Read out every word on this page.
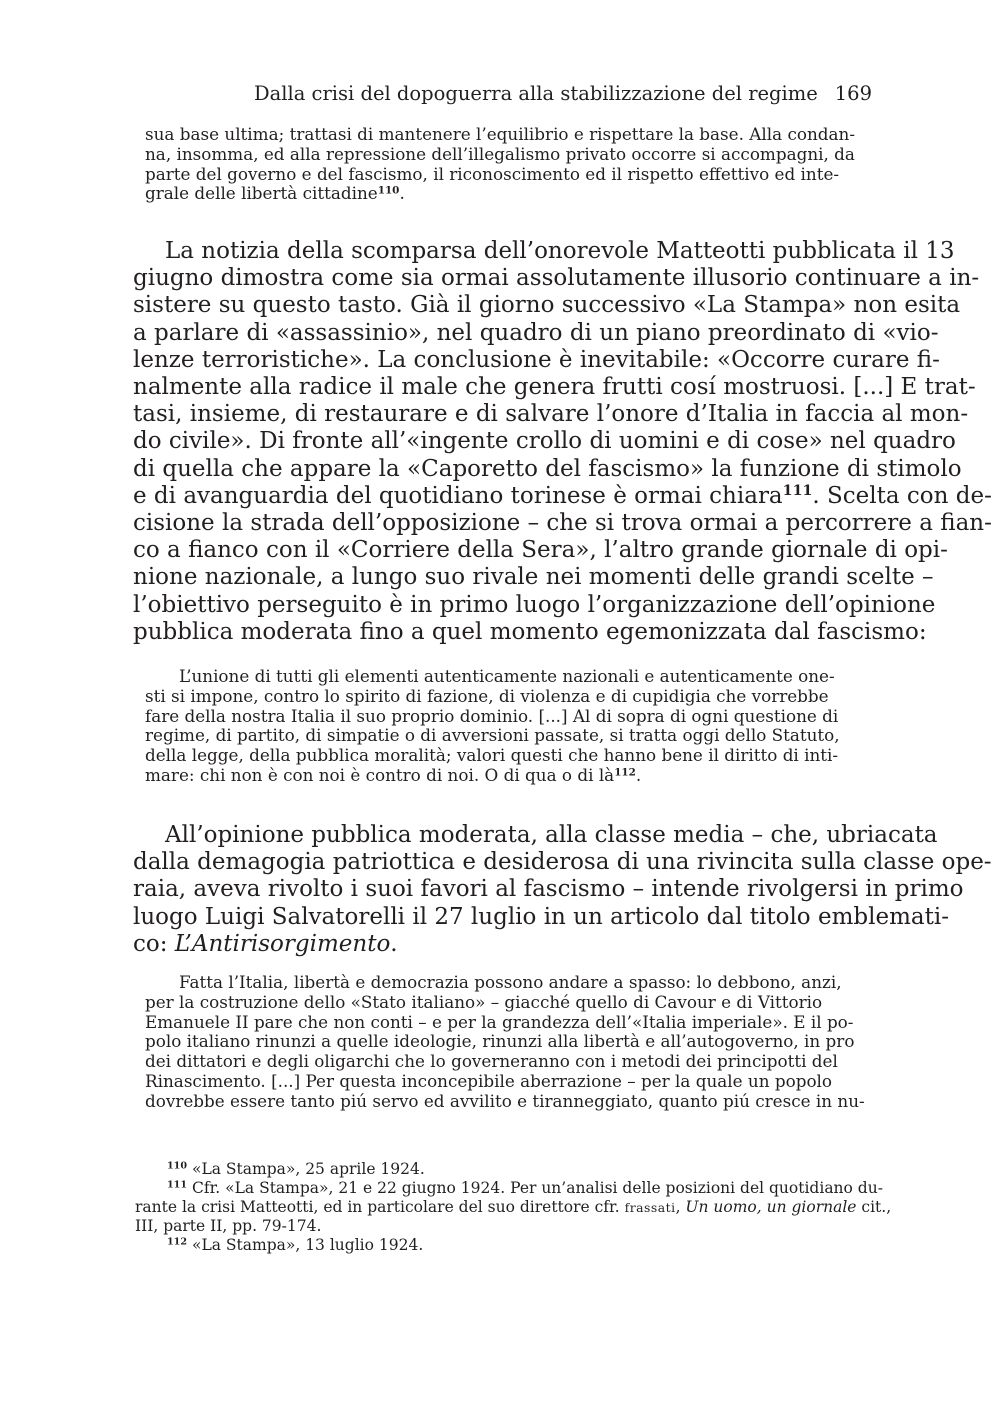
Dalla crisi del dopoguerra alla stabilizzazione del regime 169
sua base ultima; trattasi di mantenere l’equilibrio e rispettare la base. Alla condan-
na, insomma, ed alla repressione dell’illegalismo privato occorre si accompagni, da
parte del governo e del fascismo, il riconoscimento ed il rispetto effettivo ed inte-
grale delle libertà cittadine$^{110}$.
La notizia della scomparsa dell’onorevole Matteotti pubblicata il 13
giugno dimostra come sia ormai assolutamente illusorio continuare a in-
sistere su questo tasto. Già il giorno successivo «La Stampa» non esita
a parlare di «assassinio», nel quadro di un piano preordinato di «vio-
lenze terroristiche». La conclusione è inevitabile: «Occorre curare fi-
nalmente alla radice il male che genera frutti cosí mostruosi. [...] E trat-
tasi, insieme, di restaurare e di salvare l’onore d’Italia in faccia al mon-
do civile». Di fronte all’«ingente crollo di uomini e di cose» nel quadro
di quella che appare la «Caporetto del fascismo» la funzione di stimolo
e di avanguardia del quotidiano torinese è ormai chiara$^{111}$. Scelta con de-
cisione la strada dell’opposizione – che si trova ormai a percorrere a fian-
co a fianco con il «Corriere della Sera», l’altro grande giornale di opi-
nione nazionale, a lungo suo rivale nei momenti delle grandi scelte –
l’obiettivo perseguito è in primo luogo l’organizzazione dell’opinione
pubblica moderata fino a quel momento egemonizzata dal fascismo:
L’unione di tutti gli elementi autenticamente nazionali e autenticamente one-
sti si impone, contro lo spirito di fazione, di violenza e di cupidigia che vorrebbe
fare della nostra Italia il suo proprio dominio. [...] Al di sopra di ogni questione di
regime, di partito, di simpatie o di avversioni passate, si tratta oggi dello Statuto,
della legge, della pubblica moralità; valori questi che hanno bene il diritto di inti-
mare: chi non è con noi è contro di noi. O di qua o di $là^{112}$.
All’opinione pubblica moderata, alla classe media – che, ubriacata
dalla demagogia patriottica e desiderosa di una rivincita sulla classe ope-
raia, aveva rivolto i suoi favori al fascismo – intende rivolgersi in primo
luogo Luigi Salvatorelli il 27 luglio in un articolo dal titolo emblemati-
co: L’Antirisorgimento.
Fatta l’Italia, libertà e democrazia possono andare a spasso: lo debbono, anzi,
per la costruzione dello «Stato italiano» – giacché quello di Cavour e di Vittorio
Emanuele II pare che non conti – e per la grandezza dell’«Italia imperiale». E il po-
polo italiano rinunzi a quelle ideologie, rinunzi alla libertà e all’autogoverno, in pro
dei dittatori e degli oligarchi che lo governeranno con i metodi dei principotti del
Rinascimento. [...] Per questa inconcepibile aberrazione – per la quale un popolo
dovrebbe essere tanto piú servo ed avvilito e tiranneggiato, quanto piú cresce in nu-
$^{110}$ «La Stampa», 25 aprile 1924.
$^{111}$ Cfr. «La Stampa», 21 e 22 giugno 1924. Per un’analisi delle posizioni del quotidiano du-
rante la crisi Matteotti, ed in particolare del suo direttore cfr. frassati, Un uomo, un giornale cit.,
III, parte II, pp. 79-174.
$^{112}$ «La Stampa», 13 luglio 1924.
